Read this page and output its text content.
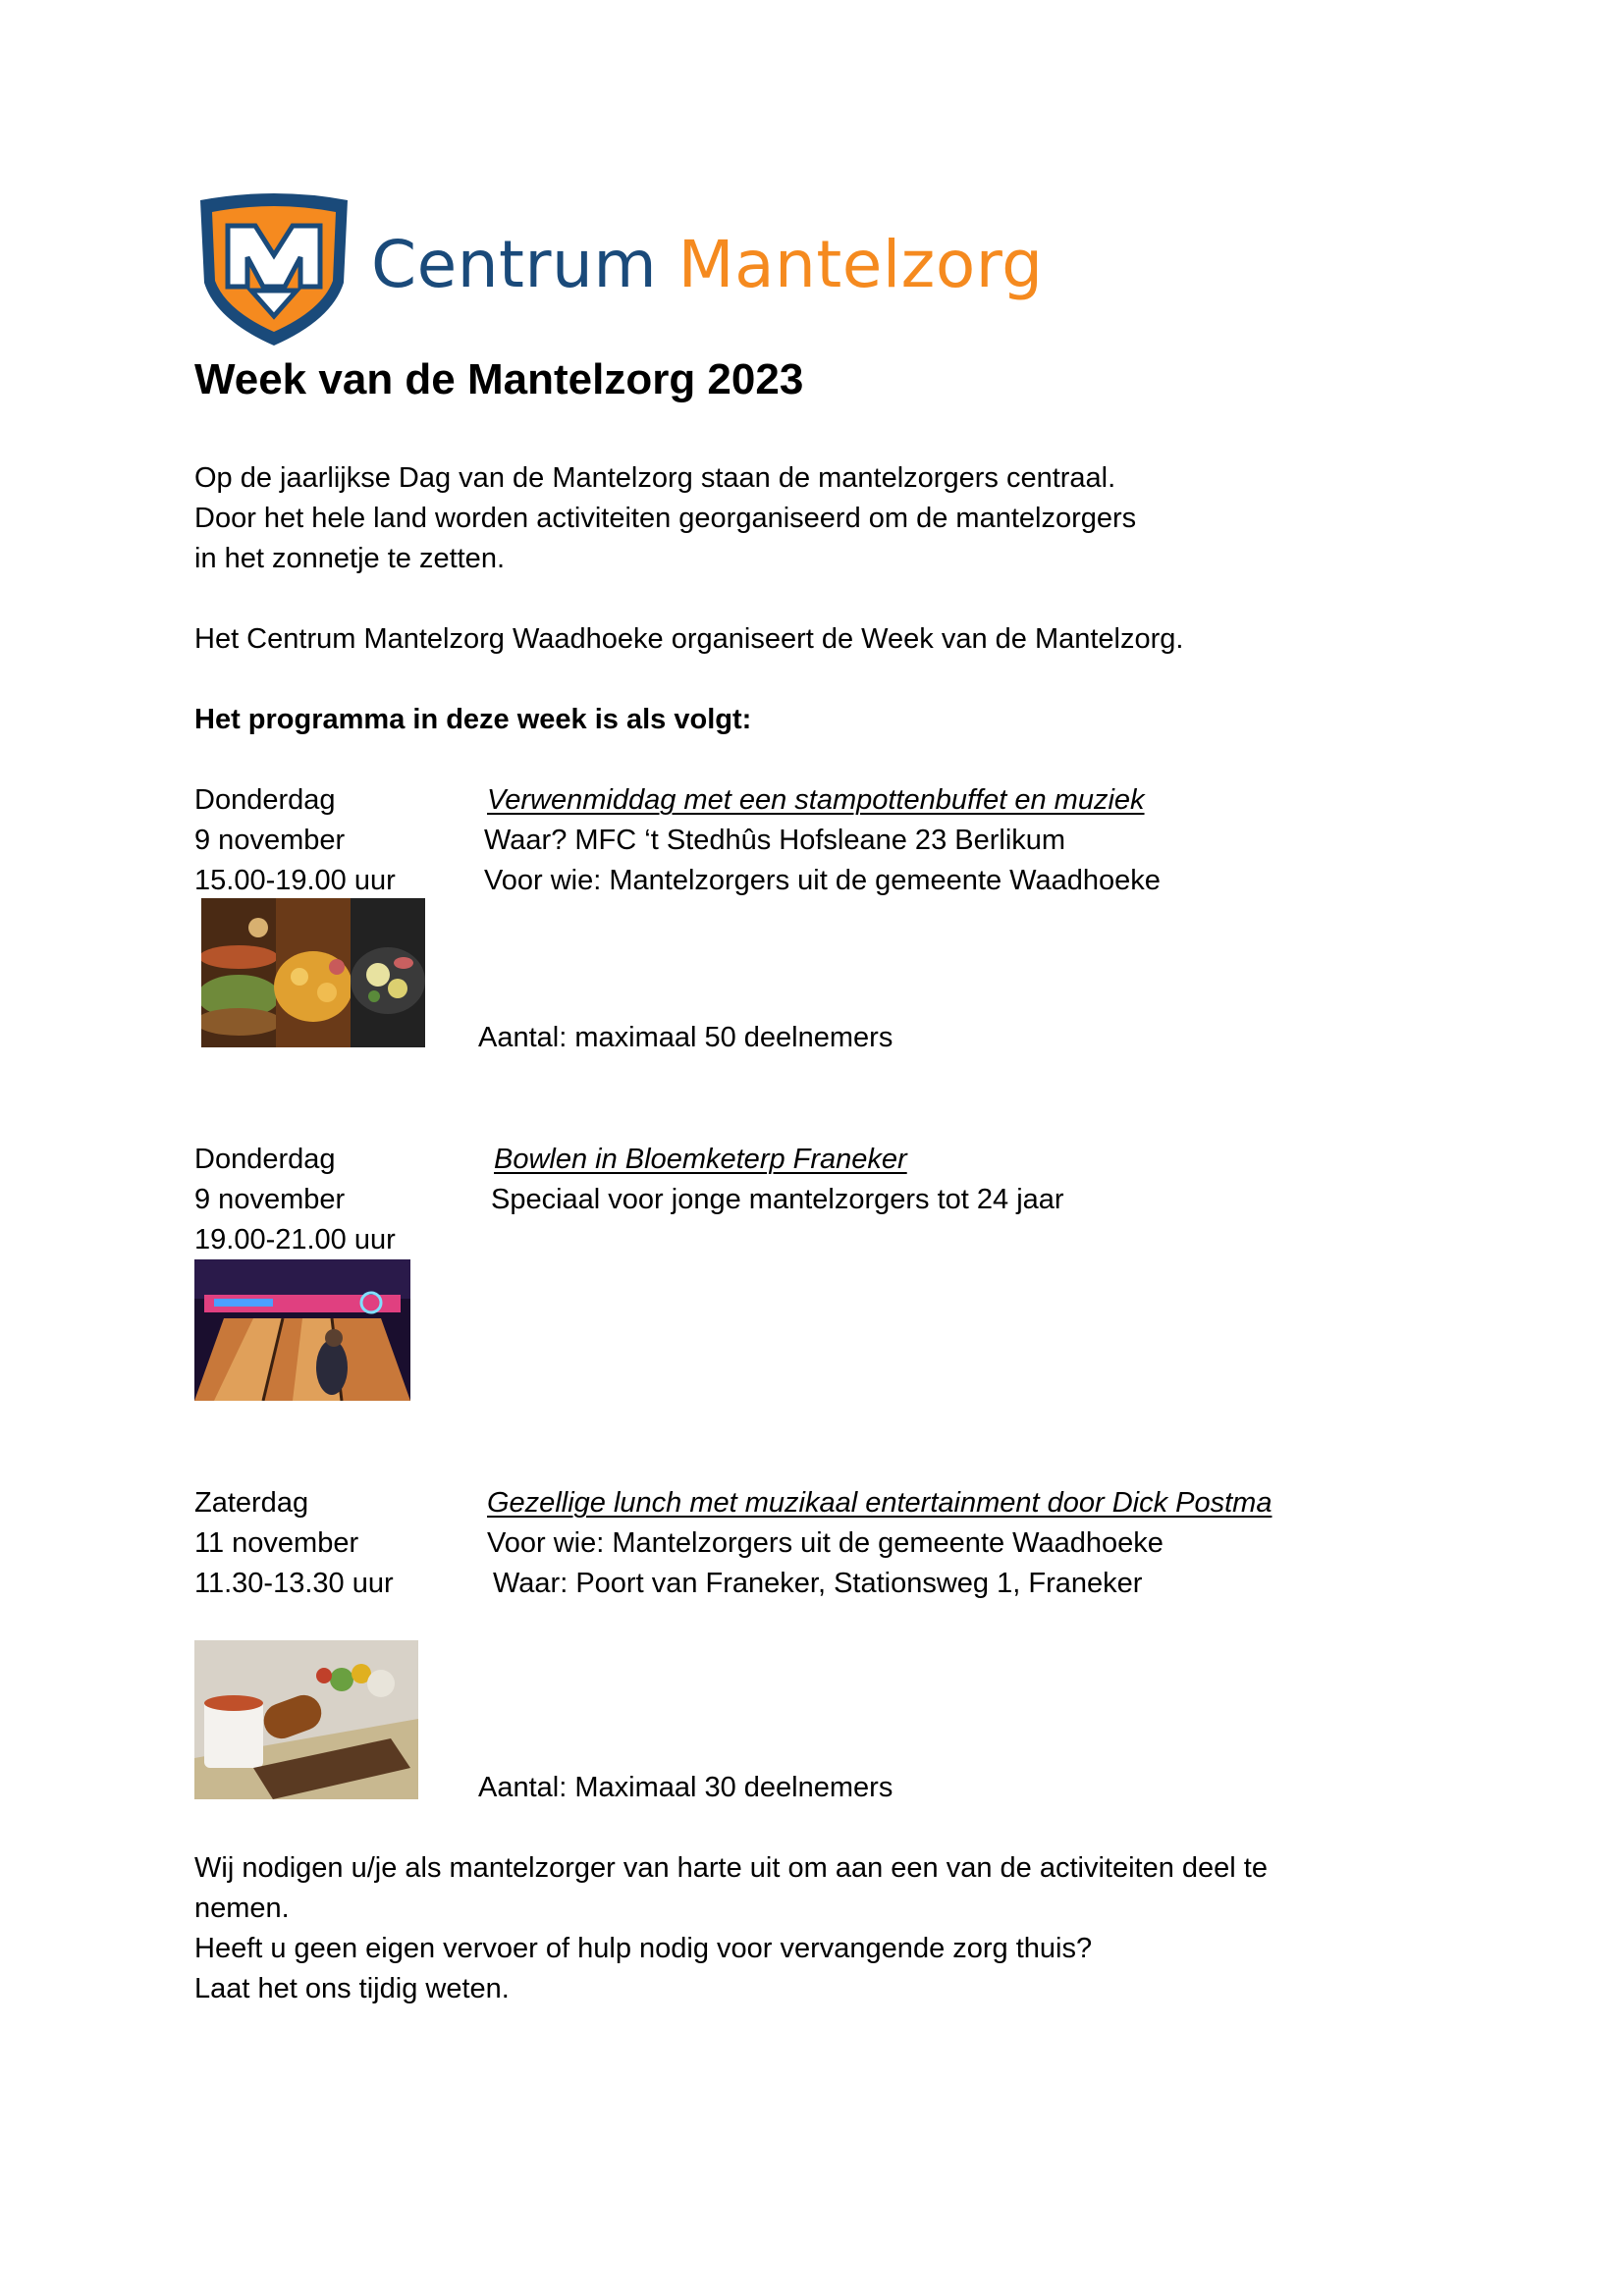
Centrum Mantelzorg
Week van de Mantelzorg 2023
Op de jaarlijkse Dag van de Mantelzorg staan de mantelzorgers centraal.
Door het hele land worden activiteiten georganiseerd om de mantelzorgers
in het zonnetje te zetten.
Het Centrum Mantelzorg Waadhoeke organiseert de Week van de Mantelzorg.
Het programma in deze week is als volgt:
Donderdag
9 november
15.00-19.00 uur
Verwenmiddag met een stampottenbuffet en muziek
Waar? MFC ‘t Stedhûs Hofsleane 23 Berlikum
Voor wie: Mantelzorgers uit de gemeente Waadhoeke
Aantal: maximaal 50 deelnemers
Donderdag
9 november
19.00-21.00 uur
Bowlen in Bloemketerp Franeker
Speciaal voor jonge mantelzorgers tot 24 jaar
Zaterdag
11 november
11.30-13.30 uur
Gezellige lunch met muzikaal entertainment door Dick Postma
Voor wie: Mantelzorgers uit de gemeente Waadhoeke
Waar: Poort van Franeker, Stationsweg 1, Franeker
Aantal: Maximaal 30 deelnemers
Wij nodigen u/je als mantelzorger van harte uit om aan een van de activiteiten deel te
nemen.
Heeft u geen eigen vervoer of hulp nodig voor vervangende zorg thuis?
Laat het ons tijdig weten.
